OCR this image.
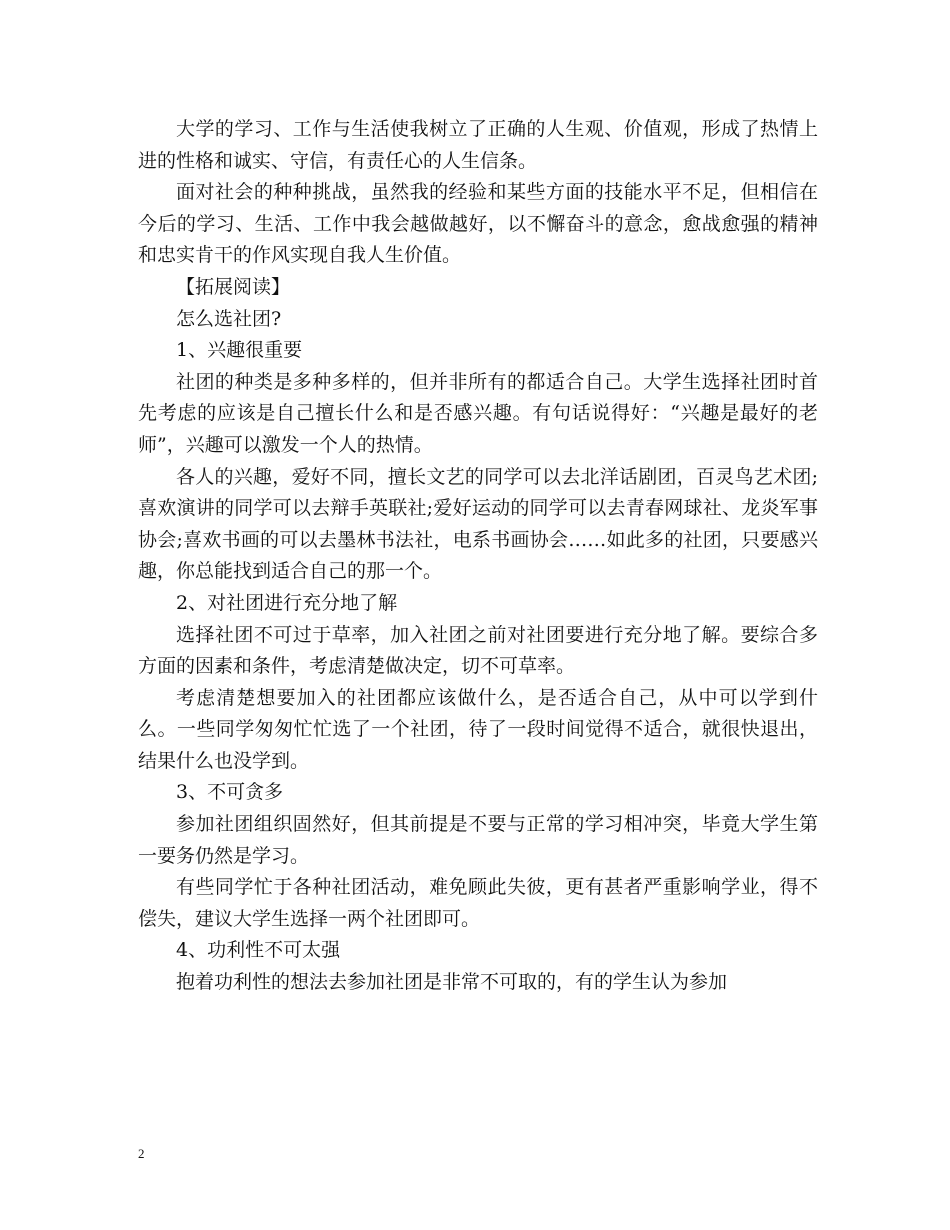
大学的学习、工作与生活使我树立了正确的人生观、价值观，形成了热情上进的性格和诚实、守信，有责任心的人生信条。

面对社会的种种挑战，虽然我的经验和某些方面的技能水平不足，但相信在今后的学习、生活、工作中我会越做越好，以不懈奋斗的意念，愈战愈强的精神和忠实肯干的作风实现自我人生价值。

【拓展阅读】

怎么选社团?

1、兴趣很重要

社团的种类是多种多样的，但并非所有的都适合自己。大学生选择社团时首先考虑的应该是自己擅长什么和是否感兴趣。有句话说得好：“兴趣是最好的老师”，兴趣可以激发一个人的热情。

各人的兴趣，爱好不同，擅长文艺的同学可以去北洋话剧团，百灵鸟艺术团;喜欢演讲的同学可以去辩手英联社;爱好运动的同学可以去青春网球社、龙炎军事协会;喜欢书画的可以去墨林书法社，电系书画协会……如此多的社团，只要感兴趣，你总能找到适合自己的那一个。

2、对社团进行充分地了解

选择社团不可过于草率，加入社团之前对社团要进行充分地了解。要综合多方面的因素和条件，考虑清楚做决定，切不可草率。

考虑清楚想要加入的社团都应该做什么，是否适合自己，从中可以学到什么。一些同学匆匆忙忙选了一个社团，待了一段时间觉得不适合，就很快退出，结果什么也没学到。

3、不可贪多

参加社团组织固然好，但其前提是不要与正常的学习相冲突，毕竟大学生第一要务仍然是学习。

有些同学忙于各种社团活动，难免顾此失彼，更有甚者严重影响学业，得不偿失，建议大学生选择一两个社团即可。

4、功利性不可太强

抱着功利性的想法去参加社团是非常不可取的，有的学生认为参加

2
